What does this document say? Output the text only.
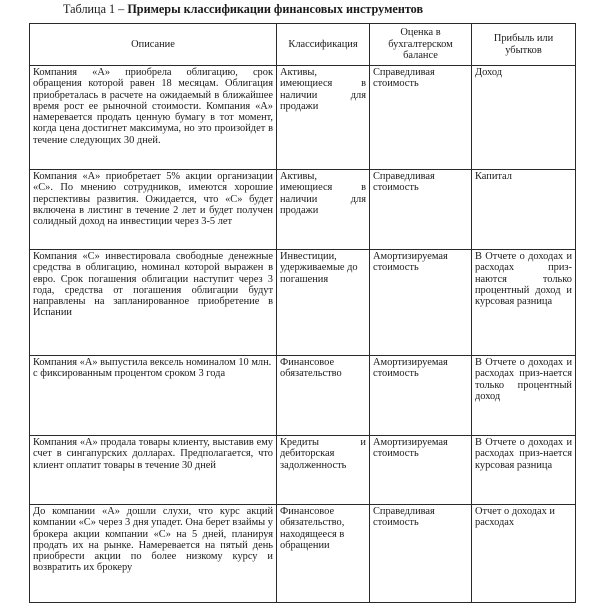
Таблица 1 – Примеры классификации финансовых инструментов
Описание	Классификация	Оценка в бухгалтерском балансе	Прибыль или убытков
Компания «А» приобрела облигацию, срок обращения которой равен 18 месяцам. Облигация приобреталась в расчете на ожидаемый в ближайшее время рост ее рыночной стоимости. Компания «А» намеревается продать ценную бумагу в тот момент, когда цена достигнет максимума, но это произойдет в течение следующих 30 дней.	Активы, имеющиеся в наличии для продажи	Справедливая стоимость	Доход
Компания «А» приобретает 5% акции организации «С». По мнению сотрудников, имеются хорошие перспективы развития. Ожидается, что «С» будет включена в листинг в течение 2 лет и будет получен солидный доход на инвестиции через 3-5 лет	Активы, имеющиеся в наличии для продажи	Справедливая стоимость	Капитал
Компания «С» инвестировала свободные денежные средства в облигацию, номинал которой выражен в евро. Срок погашения облигации наступит через 3 года, средства от погашения облигации будут направлены на запланированное приобретение в Испании	Инвестиции, удерживаемые до погашения	Амортизируемая стоимость	В Отчете о доходах и расходах приз-наются только процентный доход и курсовая разница
Компания «А» выпустила вексель номиналом 10 млн. с фиксированным процентом сроком 3 года	Финансовое обязательство	Амортизируемая стоимость	В Отчете о доходах и расходах приз-нается только процентный доход
Компания «А» продала товары клиенту, выставив ему счет в сингапурских долларах. Предполагается, что клиент оплатит товары в течение 30 дней	Кредиты и дебиторская задолженность	Амортизируемая стоимость	В Отчете о доходах и расходах приз-нается курсовая разница
До компании «А» дошли слухи, что курс акций компании «С» через 3 дня упадет. Она берет взаймы у брокера акции компании «С» на 5 дней, планируя продать их на рынке. Намеревается на пятый день приобрести акции по более низкому курсу и возвратить их брокеру	Финансовое обязательство, находящееся в обращении	Справедливая стоимость	Отчет о доходах и расходах
